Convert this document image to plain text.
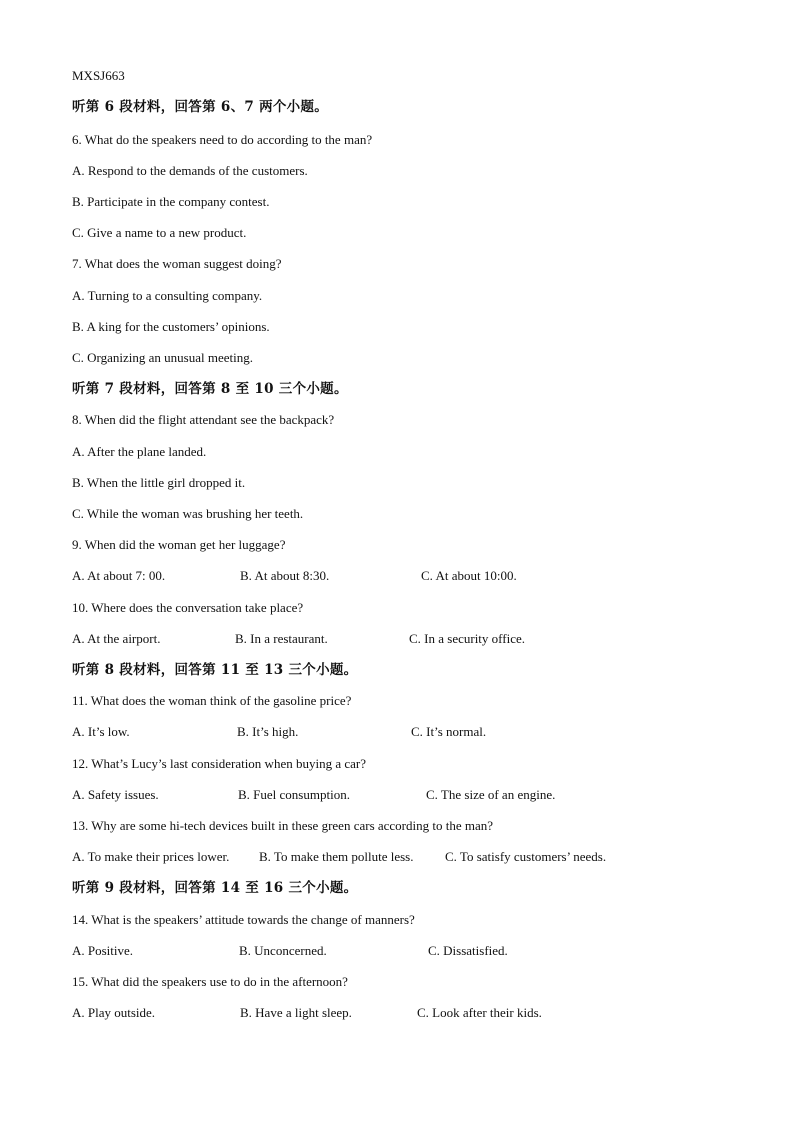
MXSJ663
听第 6 段材料，回答第 6、7 两个小题。
6. What do the speakers need to do according to the man?
A. Respond to the demands of the customers.
B. Participate in the company contest.
C. Give a name to a new product.
7. What does the woman suggest doing?
A. Turning to a consulting company.
B. A king for the customers’ opinions.
C. Organizing an unusual meeting.
听第 7 段材料，回答第 8 至 10 三个小题。
8. When did the flight attendant see the backpack?
A. After the plane landed.
B. When the little girl dropped it.
C. While the woman was brushing her teeth.
9. When did the woman get her luggage?
A. At about 7: 00.	B. At about 8:30.	C. At about 10:00.
10. Where does the conversation take place?
A. At the airport.	B. In a restaurant.	C. In a security office.
听第 8 段材料，回答第 11 至 13 三个小题。
11. What does the woman think of the gasoline price?
A. It’s low.	B. It’s high.	C. It’s normal.
12. What’s Lucy’s last consideration when buying a car?
A. Safety issues.	B. Fuel consumption.	C. The size of an engine.
13. Why are some hi-tech devices built in these green cars according to the man?
A. To make their prices lower. B. To make them pollute less. C. To satisfy customers’ needs.
听第 9 段材料，回答第 14 至 16 三个小题。
14. What is the speakers’ attitude towards the change of manners?
A. Positive.	B. Unconcerned.	C. Dissatisfied.
15. What did the speakers use to do in the afternoon?
A. Play outside.	B. Have a light sleep.	C. Look after their kids.
